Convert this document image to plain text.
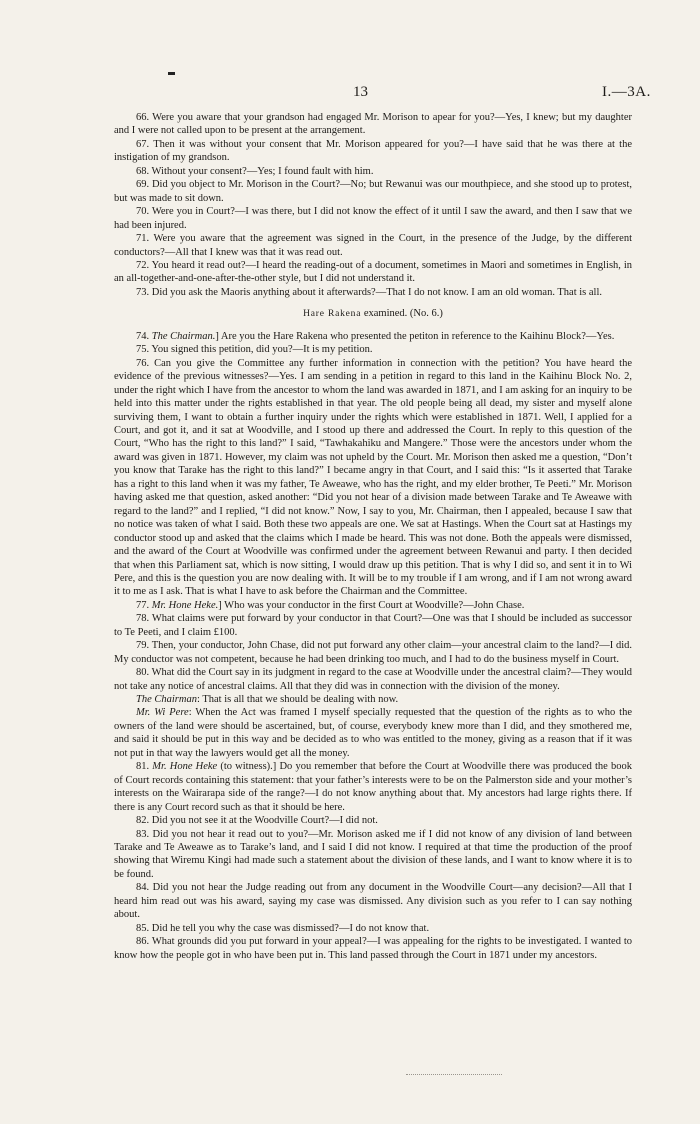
13	I.—3A.

66. Were you aware that your grandson had engaged Mr. Morison to apear for you?—Yes, I knew; but my daughter and I were not called upon to be present at the arrangement.

67. Then it was without your consent that Mr. Morison appeared for you?—I have said that he was there at the instigation of my grandson.

68. Without your consent?—Yes; I found fault with him.

69. Did you object to Mr. Morison in the Court?—No; but Rewanui was our mouthpiece, and she stood up to protest, but was made to sit down.

70. Were you in Court?—I was there, but I did not know the effect of it until I saw the award, and then I saw that we had been injured.

71. Were you aware that the agreement was signed in the Court, in the presence of the Judge, by the different conductors?—All that I knew was that it was read out.

72. You heard it read out?—I heard the reading-out of a document, sometimes in Maori and sometimes in English, in an all-together-and-one-after-the-other style, but I did not understand it.

73. Did you ask the Maoris anything about it afterwards?—That I do not know. I am an old woman. That is all.

Hare Rakena examined. (No. 6.)

74. The Chairman.] Are you the Hare Rakena who presented the petiton in reference to the Kaihinu Block?—Yes.

75. You signed this petition, did you?—It is my petition.

76. Can you give the Committee any further information in connection with the petition? You have heard the evidence of the previous witnesses?—Yes. I am sending in a petition in regard to this land in the Kaihinu Block No. 2, under the right which I have from the ancestor to whom the land was awarded in 1871, and I am asking for an inquiry to be held into this matter under the rights established in that year. The old people being all dead, my sister and myself alone surviving them, I want to obtain a further inquiry under the rights which were established in 1871. Well, I applied for a Court, and got it, and it sat at Woodville, and I stood up there and addressed the Court. In reply to this question of the Court, “Who has the right to this land?” I said, “Tawhakahiku and Mangere.” Those were the ancestors under whom the award was given in 1871. However, my claim was not upheld by the Court. Mr. Morison then asked me a question, “Don’t you know that Tarake has the right to this land?” I became angry in that Court, and I said this: “Is it asserted that Tarake has a right to this land when it was my father, Te Aweawe, who has the right, and my elder brother, Te Peeti.” Mr. Morison having asked me that question, asked another: “Did you not hear of a division made between Tarake and Te Aweawe with regard to the land?” and I replied, “I did not know.” Now, I say to you, Mr. Chairman, then I appealed, because I saw that no notice was taken of what I said. Both these two appeals are one. We sat at Hastings. When the Court sat at Hastings my conductor stood up and asked that the claims which I made be heard. This was not done. Both the appeals were dismissed, and the award of the Court at Woodville was confirmed under the agreement between Rewanui and party. I then decided that when this Parliament sat, which is now sitting, I would draw up this petition. That is why I did so, and sent it in to Wi Pere, and this is the question you are now dealing with. It will be to my trouble if I am wrong, and if I am not wrong award it to me as I ask. That is what I have to ask before the Chairman and the Committee.

77. Mr. Hone Heke.] Who was your conductor in the first Court at Woodville?—John Chase.

78. What claims were put forward by your conductor in that Court?—One was that I should be included as successor to Te Peeti, and I claim £100.

79. Then, your conductor, John Chase, did not put forward any other claim—your ancestral claim to the land?—I did. My conductor was not competent, because he had been drinking too much, and I had to do the business myself in Court.

80. What did the Court say in its judgment in regard to the case at Woodville under the ancestral claim?—They would not take any notice of ancestral claims. All that they did was in connection with the division of the money.

The Chairman: That is all that we should be dealing with now.

Mr. Wi Pere: When the Act was framed I myself specially requested that the question of the rights as to who the owners of the land were should be ascertained, but, of course, everybody knew more than I did, and they smothered me, and said it should be put in this way and be decided as to who was entitled to the money, giving as a reason that if it was not put in that way the lawyers would get all the money.

81. Mr. Hone Heke (to witness).] Do you remember that before the Court at Woodville there was produced the book of Court records containing this statement: that your father’s interests were to be on the Palmerston side and your mother’s interests on the Wairarapa side of the range?—I do not know anything about that. My ancestors had large rights there. If there is any Court record such as that it should be here.

82. Did you not see it at the Woodville Court?—I did not.

83. Did you not hear it read out to you?—Mr. Morison asked me if I did not know of any division of land between Tarake and Te Aweawe as to Tarake’s land, and I said I did not know. I required at that time the production of the proof showing that Wiremu Kingi had made such a statement about the division of these lands, and I want to know where it is to be found.

84. Did you not hear the Judge reading out from any document in the Woodville Court—any decision?—All that I heard him read out was his award, saying my case was dismissed. Any division such as you refer to I can say nothing about.

85. Did he tell you why the case was dismissed?—I do not know that.

86. What grounds did you put forward in your appeal?—I was appealing for the rights to be investigated. I wanted to know how the people got in who have been put in. This land passed through the Court in 1871 under my ancestors.
